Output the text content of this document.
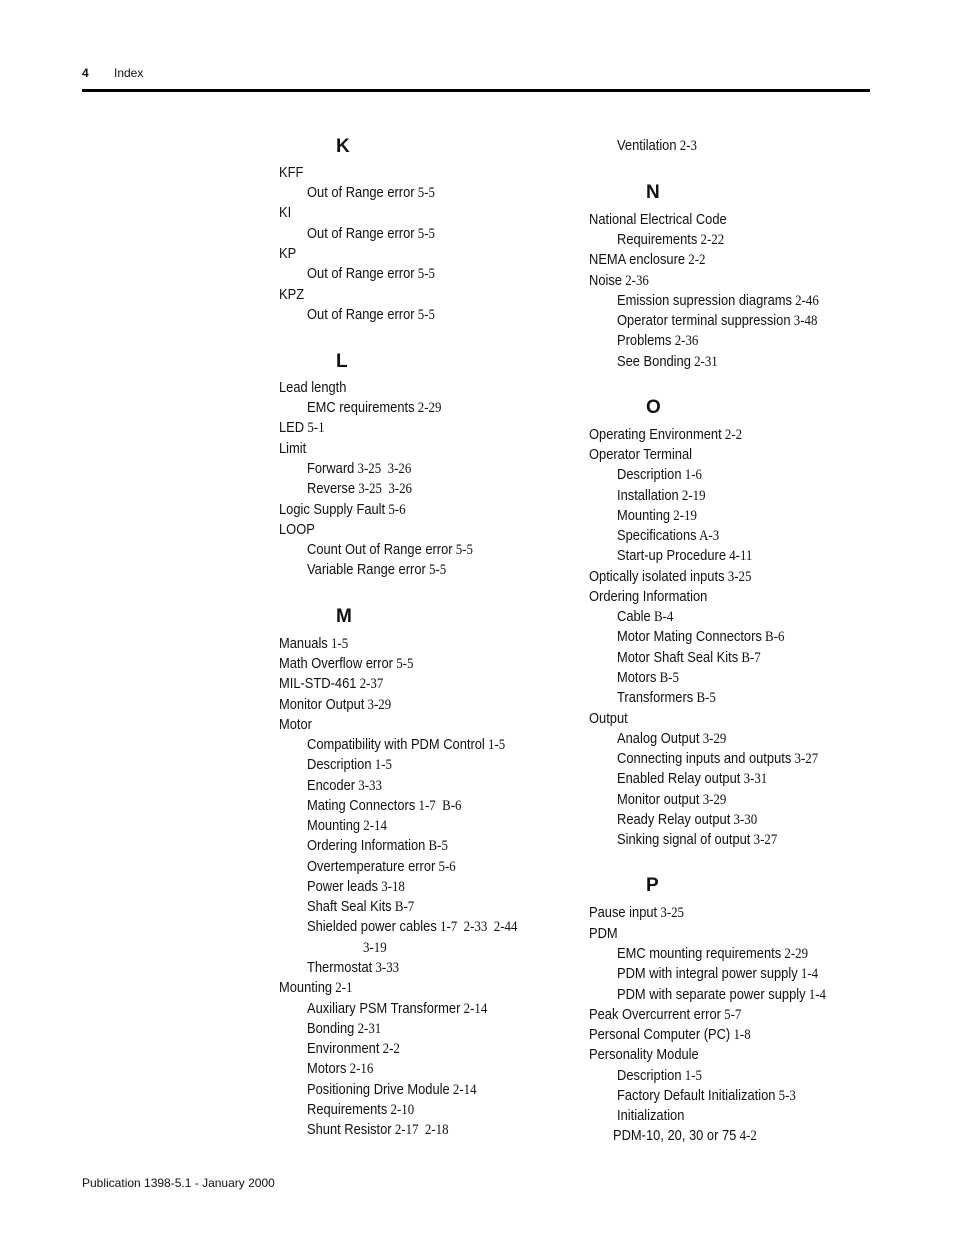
4 Index
K
KFF
Out of Range error 5-5
KI
Out of Range error 5-5
KP
Out of Range error 5-5
KPZ
Out of Range error 5-5
L
Lead length
EMC requirements 2-29
LED 5-1
Limit
Forward 3-25  3-26
Reverse 3-25  3-26
Logic Supply Fault 5-6
LOOP
Count Out of Range error 5-5
Variable Range error 5-5
M
Manuals 1-5
Math Overflow error 5-5
MIL-STD-461 2-37
Monitor Output 3-29
Motor
Compatibility with PDM Control 1-5
Description 1-5
Encoder 3-33
Mating Connectors 1-7  B-6
Mounting 2-14
Ordering Information B-5
Overtemperature error 5-6
Power leads 3-18
Shaft Seal Kits B-7
Shielded power cables 1-7  2-33  2-44
3-19
Thermostat 3-33
Mounting 2-1
Auxiliary PSM Transformer 2-14
Bonding 2-31
Environment 2-2
Motors 2-16
Positioning Drive Module 2-14
Requirements 2-10
Shunt Resistor 2-17  2-18
Ventilation 2-3
N
National Electrical Code
Requirements 2-22
NEMA enclosure 2-2
Noise 2-36
Emission supression diagrams 2-46
Operator terminal suppression 3-48
Problems 2-36
See Bonding 2-31
O
Operating Environment 2-2
Operator Terminal
Description 1-6
Installation 2-19
Mounting 2-19
Specifications A-3
Start-up Procedure 4-11
Optically isolated inputs 3-25
Ordering Information
Cable B-4
Motor Mating Connectors B-6
Motor Shaft Seal Kits B-7
Motors B-5
Transformers B-5
Output
Analog Output 3-29
Connecting inputs and outputs 3-27
Enabled Relay output 3-31
Monitor output 3-29
Ready Relay output 3-30
Sinking signal of output 3-27
P
Pause input 3-25
PDM
EMC mounting requirements 2-29
PDM with integral power supply 1-4
PDM with separate power supply 1-4
Peak Overcurrent error 5-7
Personal Computer (PC) 1-8
Personality Module
Description 1-5
Factory Default Initialization 5-3
Initialization
PDM-10, 20, 30 or 75 4-2
Publication 1398-5.1 - January 2000
